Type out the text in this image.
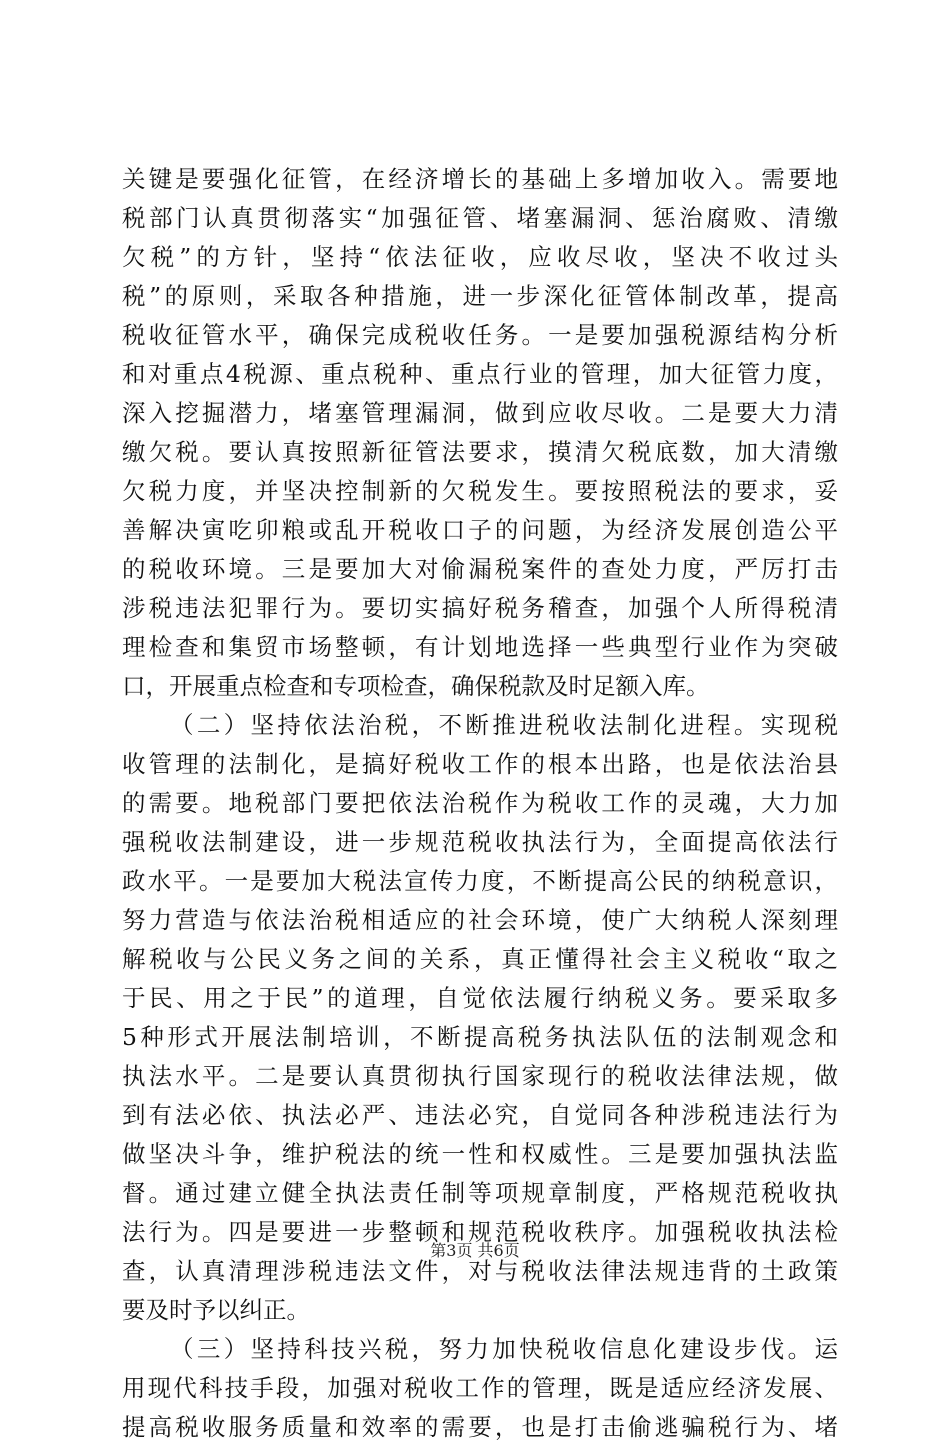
关键是要强化征管，在经济增长的基础上多增加收入。需要地
税部门认真贯彻落实“加强征管、堵塞漏洞、惩治腐败、清缴
欠税”的方针，坚持“依法征收，应收尽收，坚决不收过头
税”的原则，采取各种措施，进一步深化征管体制改革，提高
税收征管水平，确保完成税收任务。一是要加强税源结构分析
和对重点4税源、重点税种、重点行业的管理，加大征管力度，
深入挖掘潜力，堵塞管理漏洞，做到应收尽收。二是要大力清
缴欠税。要认真按照新征管法要求，摸清欠税底数，加大清缴
欠税力度，并坚决控制新的欠税发生。要按照税法的要求，妥
善解决寅吃卯粮或乱开税收口子的问题，为经济发展创造公平
的税收环境。三是要加大对偷漏税案件的查处力度，严厉打击
涉税违法犯罪行为。要切实搞好税务稽查，加强个人所得税清
理检查和集贸市场整顿，有计划地选择一些典型行业作为突破
口，开展重点检查和专项检查，确保税款及时足额入库。
（二）坚持依法治税，不断推进税收法制化进程。实现税
收管理的法制化，是搞好税收工作的根本出路，也是依法治县
的需要。地税部门要把依法治税作为税收工作的灵魂，大力加
强税收法制建设，进一步规范税收执法行为，全面提高依法行
政水平。一是要加大税法宣传力度，不断提高公民的纳税意识，
努力营造与依法治税相适应的社会环境，使广大纳税人深刻理
解税收与公民义务之间的关系，真正懂得社会主义税收“取之
于民、用之于民”的道理，自觉依法履行纳税义务。要采取多
5种形式开展法制培训，不断提高税务执法队伍的法制观念和
执法水平。二是要认真贯彻执行国家现行的税收法律法规，做
到有法必依、执法必严、违法必究，自觉同各种涉税违法行为
做坚决斗争，维护税法的统一性和权威性。三是要加强执法监
督。通过建立健全执法责任制等项规章制度，严格规范税收执
法行为。四是要进一步整顿和规范税收秩序。加强税收执法检
查，认真清理涉税违法文件，对与税收法律法规违背的土政策
要及时予以纠正。
（三）坚持科技兴税，努力加快税收信息化建设步伐。运
用现代科技手段，加强对税收工作的管理，既是适应经济发展、
提高税收服务质量和效率的需要，也是打击偷逃骗税行为、堵
第3页 共6页
